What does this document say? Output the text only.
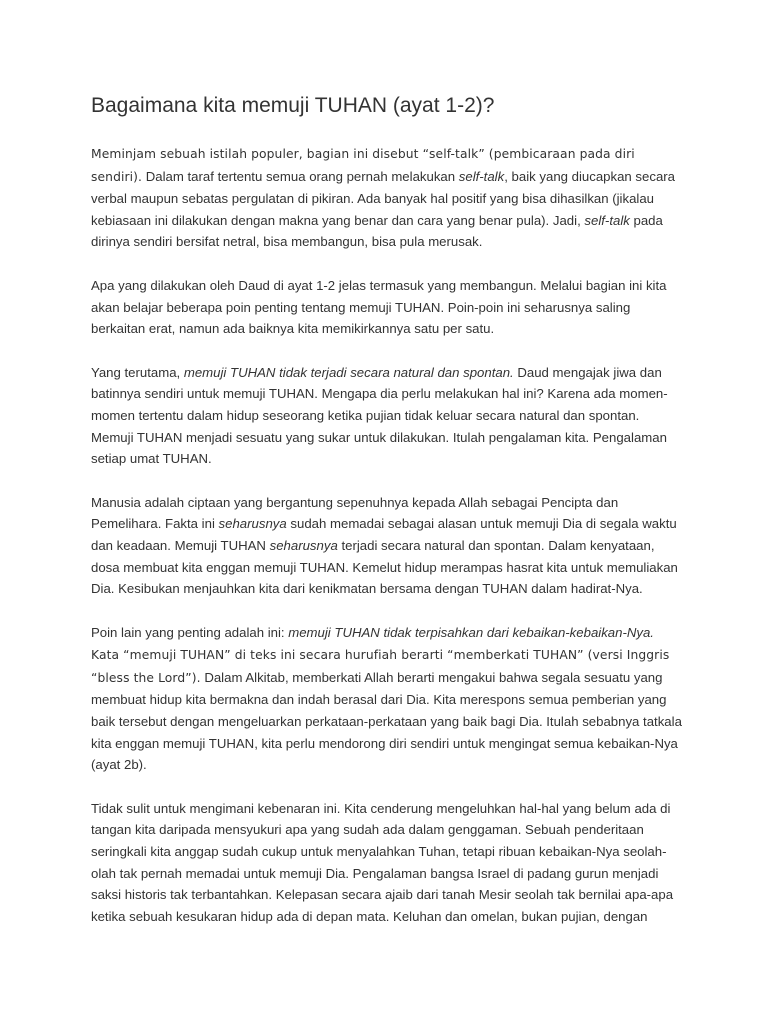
Bagaimana kita memuji TUHAN (ayat 1-2)?

Meminjam sebuah istilah populer, bagian ini disebut “self-talk” (pembicaraan pada diri sendiri). Dalam taraf tertentu semua orang pernah melakukan self-talk, baik yang diucapkan secara verbal maupun sebatas pergulatan di pikiran. Ada banyak hal positif yang bisa dihasilkan (jikalau kebiasaan ini dilakukan dengan makna yang benar dan cara yang benar pula). Jadi, self-talk pada dirinya sendiri bersifat netral, bisa membangun, bisa pula merusak.

Apa yang dilakukan oleh Daud di ayat 1-2 jelas termasuk yang membangun. Melalui bagian ini kita akan belajar beberapa poin penting tentang memuji TUHAN. Poin-poin ini seharusnya saling berkaitan erat, namun ada baiknya kita memikirkannya satu per satu.

Yang terutama, memuji TUHAN tidak terjadi secara natural dan spontan. Daud mengajak jiwa dan batinnya sendiri untuk memuji TUHAN. Mengapa dia perlu melakukan hal ini? Karena ada momen-momen tertentu dalam hidup seseorang ketika pujian tidak keluar secara natural dan spontan. Memuji TUHAN menjadi sesuatu yang sukar untuk dilakukan. Itulah pengalaman kita. Pengalaman setiap umat TUHAN.

Manusia adalah ciptaan yang bergantung sepenuhnya kepada Allah sebagai Pencipta dan Pemelihara. Fakta ini seharusnya sudah memadai sebagai alasan untuk memuji Dia di segala waktu dan keadaan. Memuji TUHAN seharusnya terjadi secara natural dan spontan. Dalam kenyataan, dosa membuat kita enggan memuji TUHAN. Kemelut hidup merampas hasrat kita untuk memuliakan Dia. Kesibukan menjauhkan kita dari kenikmatan bersama dengan TUHAN dalam hadirat-Nya.

Poin lain yang penting adalah ini: memuji TUHAN tidak terpisahkan dari kebaikan-kebaikan-Nya. Kata “memuji TUHAN” di teks ini secara hurufiah berarti “memberkati TUHAN” (versi Inggris “bless the Lord”). Dalam Alkitab, memberkati Allah berarti mengakui bahwa segala sesuatu yang membuat hidup kita bermakna dan indah berasal dari Dia. Kita merespons semua pemberian yang baik tersebut dengan mengeluarkan perkataan-perkataan yang baik bagi Dia. Itulah sebabnya tatkala kita enggan memuji TUHAN, kita perlu mendorong diri sendiri untuk mengingat semua kebaikan-Nya (ayat 2b).

Tidak sulit untuk mengimani kebenaran ini. Kita cenderung mengeluhkan hal-hal yang belum ada di tangan kita daripada mensyukuri apa yang sudah ada dalam genggaman. Sebuah penderitaan seringkali kita anggap sudah cukup untuk menyalahkan Tuhan, tetapi ribuan kebaikan-Nya seolah-olah tak pernah memadai untuk memuji Dia. Pengalaman bangsa Israel di padang gurun menjadi saksi historis tak terbantahkan. Kelepasan secara ajaib dari tanah Mesir seolah tak bernilai apa-apa ketika sebuah kesukaran hidup ada di depan mata. Keluhan dan omelan, bukan pujian, dengan
